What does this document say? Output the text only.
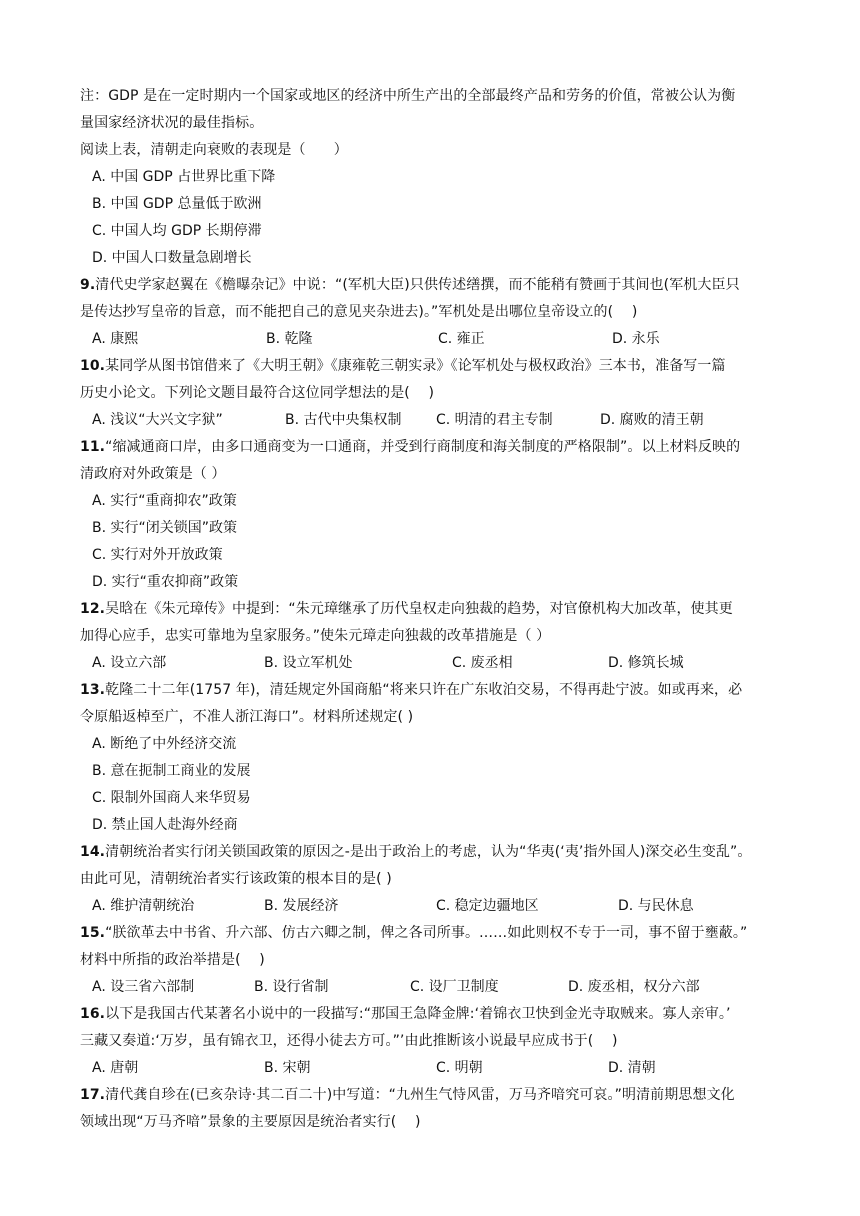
注：GDP 是在一定时期内一个国家或地区的经济中所生产出的全部最终产品和劳务的价值，常被公认为衡
量国家经济状况的最佳指标。
阅读上表，清朝走向衰败的表现是（　　）
A. 中国 GDP 占世界比重下降
B. 中国 GDP 总量低于欧洲
C. 中国人均 GDP 长期停滞
D. 中国人口数量急剧增长
9.清代史学家赵翼在《檐曝杂记》中说：“(军机大臣)只供传述缮撰，而不能稍有赞画于其间也(军机大臣只
是传达抄写皇帝的旨意，而不能把自己的意见夹杂进去)。”军机处是出哪位皇帝设立的(　 )
A. 康熙	B. 乾隆	C. 雍正	D. 永乐
10.某同学从图书馆借来了《大明王朝》《康雍乾三朝实录》《论军机处与极权政治》三本书，准备写一篇
历史小论文。下列论文题目最符合这位同学想法的是(　 )
A. 浅议“大兴文字狱”	B. 古代中央集权制 C. 明清的君主专制	D. 腐败的清王朝
11.“缩减通商口岸，由多口通商变为一口通商，并受到行商制度和海关制度的严格限制”。以上材料反映的
清政府对外政策是（ ）
A. 实行“重商抑农”政策
B. 实行“闭关锁国”政策
C. 实行对外开放政策
D. 实行“重农抑商”政策
12.吴晗在《朱元璋传》中提到：“朱元璋继承了历代皇权走向独裁的趋势，对官僚机构大加改革，使其更
加得心应手，忠实可靠地为皇家服务。”使朱元璋走向独裁的改革措施是（ ）
A. 设立六部	B. 设立军机处	C. 废丞相	D. 修筑长城
13.乾隆二十二年(1757 年)，清廷规定外国商船“将来只许在广东收泊交易，不得再赴宁波。如或再来，必
令原船返棹至广，不准人浙江海口”。材料所述规定( )
A. 断绝了中外经济交流
B. 意在扼制工商业的发展
C. 限制外国商人来华贸易
D. 禁止国人赴海外经商
14.清朝统治者实行闭关锁国政策的原因之-是出于政治上的考虑，认为“华夷(‘夷’指外国人)深交必生变乱”。
由此可见，清朝统治者实行该政策的根本目的是( )
A. 维护清朝统治	B. 发展经济	C. 稳定边疆地区	D. 与民休息
15.“朕欲革去中书省、升六部、仿古六卿之制，俾之各司所事。……如此则权不专于一司，事不留于壅蔽。”
材料中所指的政治举措是(　 )
A. 设三省六部制	B. 设行省制	C. 设厂卫制度	D. 废丞相，权分六部
16.以下是我国古代某著名小说中的一段描写:“那国王急降金牌:‘着锦衣卫快到金光寺取贼来。寡人亲审。’
三藏又奏道:‘万岁，虽有锦衣卫，还得小徒去方可。”’由此推断该小说最早应成书于(　 )
A. 唐朝	B. 宋朝	C. 明朝	D. 清朝
17.清代龚自珍在(已亥杂诗·其二百二十)中写道：“九州生气恃风雷，万马齐喑究可哀。”明清前期思想文化
领域出现“万马齐喑”景象的主要原因是统治者实行(　 )
